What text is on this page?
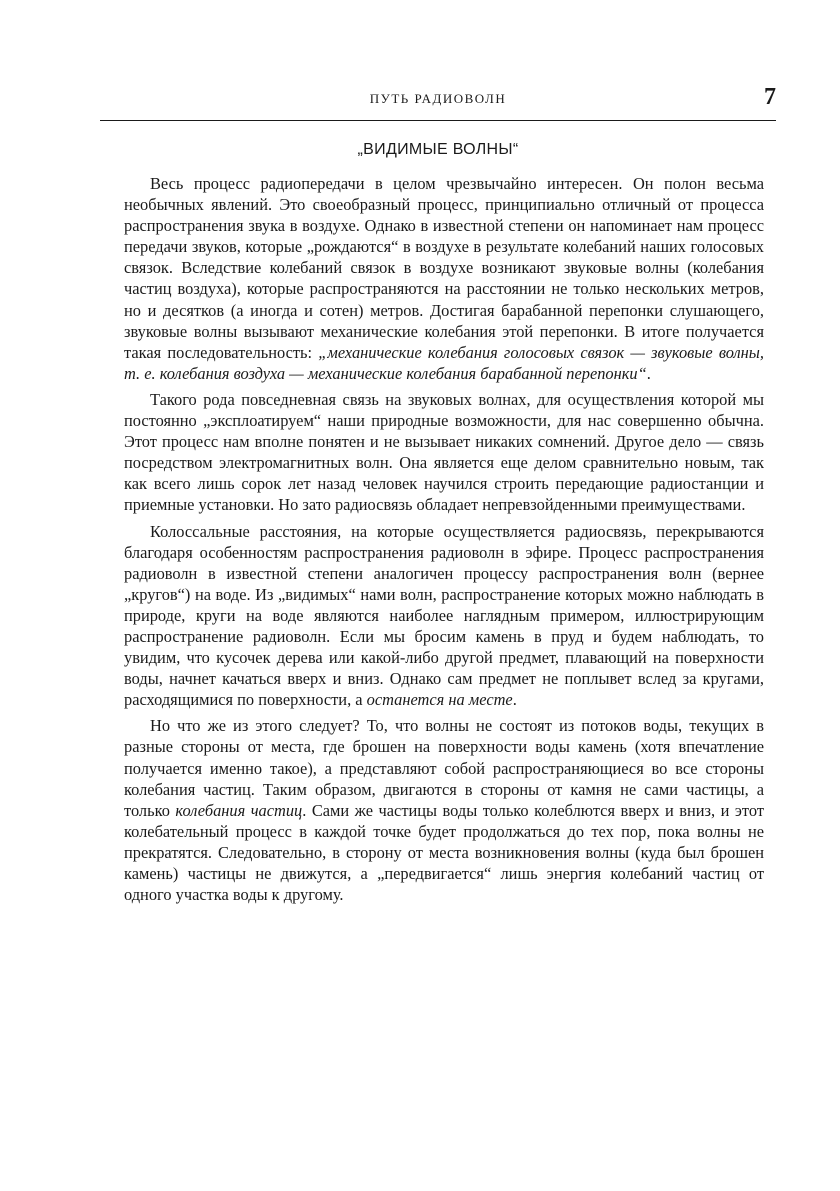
ПУТЬ РАДИОВОЛН	7
„ВИДИМЫЕ ВОЛНЫ“

Весь процесс радиопередачи в целом чрезвычайно интересен. Он полон весьма необычных явлений. Это своеобразный процесс, принципиально отличный от процесса распространения звука в воздухе. Однако в известной степени он напоминает нам процесс передачи звуков, которые „рождаются“ в воздухе в результате колебаний наших голосовых связок. Вследствие колебаний связок в воздухе возникают звуковые волны (колебания частиц воздуха), которые распространяются на расстоянии не только нескольких метров, но и десятков (а иногда и сотен) метров. Достигая барабанной перепонки слушающего, звуковые волны вызывают механические колебания этой перепонки. В итоге получается такая последовательность: „механические колебания голосовых связок — звуковые волны, т. е. колебания воздуха — механические колебания барабанной перепонки“.

Такого рода повседневная связь на звуковых волнах, для осуществления которой мы постоянно „эксплоатируем“ наши природные возможности, для нас совершенно обычна. Этот процесс нам вполне понятен и не вызывает никаких сомнений. Другое дело — связь посредством электромагнитных волн. Она является еще делом сравнительно новым, так как всего лишь сорок лет назад человек научился строить передающие радиостанции и приемные установки. Но зато радиосвязь обладает непревзойденными преимуществами.

Колоссальные расстояния, на которые осуществляется радиосвязь, перекрываются благодаря особенностям распространения радиоволн в эфире. Процесс распространения радиоволн в известной степени аналогичен процессу распространения волн (вернее „кругов“) на воде. Из „видимых“ нами волн, распространение которых можно наблюдать в природе, круги на воде являются наиболее наглядным примером, иллюстрирующим распространение радиоволн. Если мы бросим камень в пруд и будем наблюдать, то увидим, что кусочек дерева или какой-либо другой предмет, плавающий на поверхности воды, начнет качаться вверх и вниз. Однако сам предмет не поплывет вслед за кругами, расходящимися по поверхности, а останется на месте.

Но что же из этого следует? То, что волны не состоят из потоков воды, текущих в разные стороны от места, где брошен на поверхности воды камень (хотя впечатление получается именно такое), а представляют собой распространяющиеся во все стороны колебания частиц. Таким образом, двигаются в стороны от камня не сами частицы, а только колебания частиц. Сами же частицы воды только колеблются вверх и вниз, и этот колебательный процесс в каждой точке будет продолжаться до тех пор, пока волны не прекратятся. Следовательно, в сторону от места возникновения волны (куда был брошен камень) частицы не движутся, а „передвигается“ лишь энергия колебаний частиц от одного участка воды к другому.
